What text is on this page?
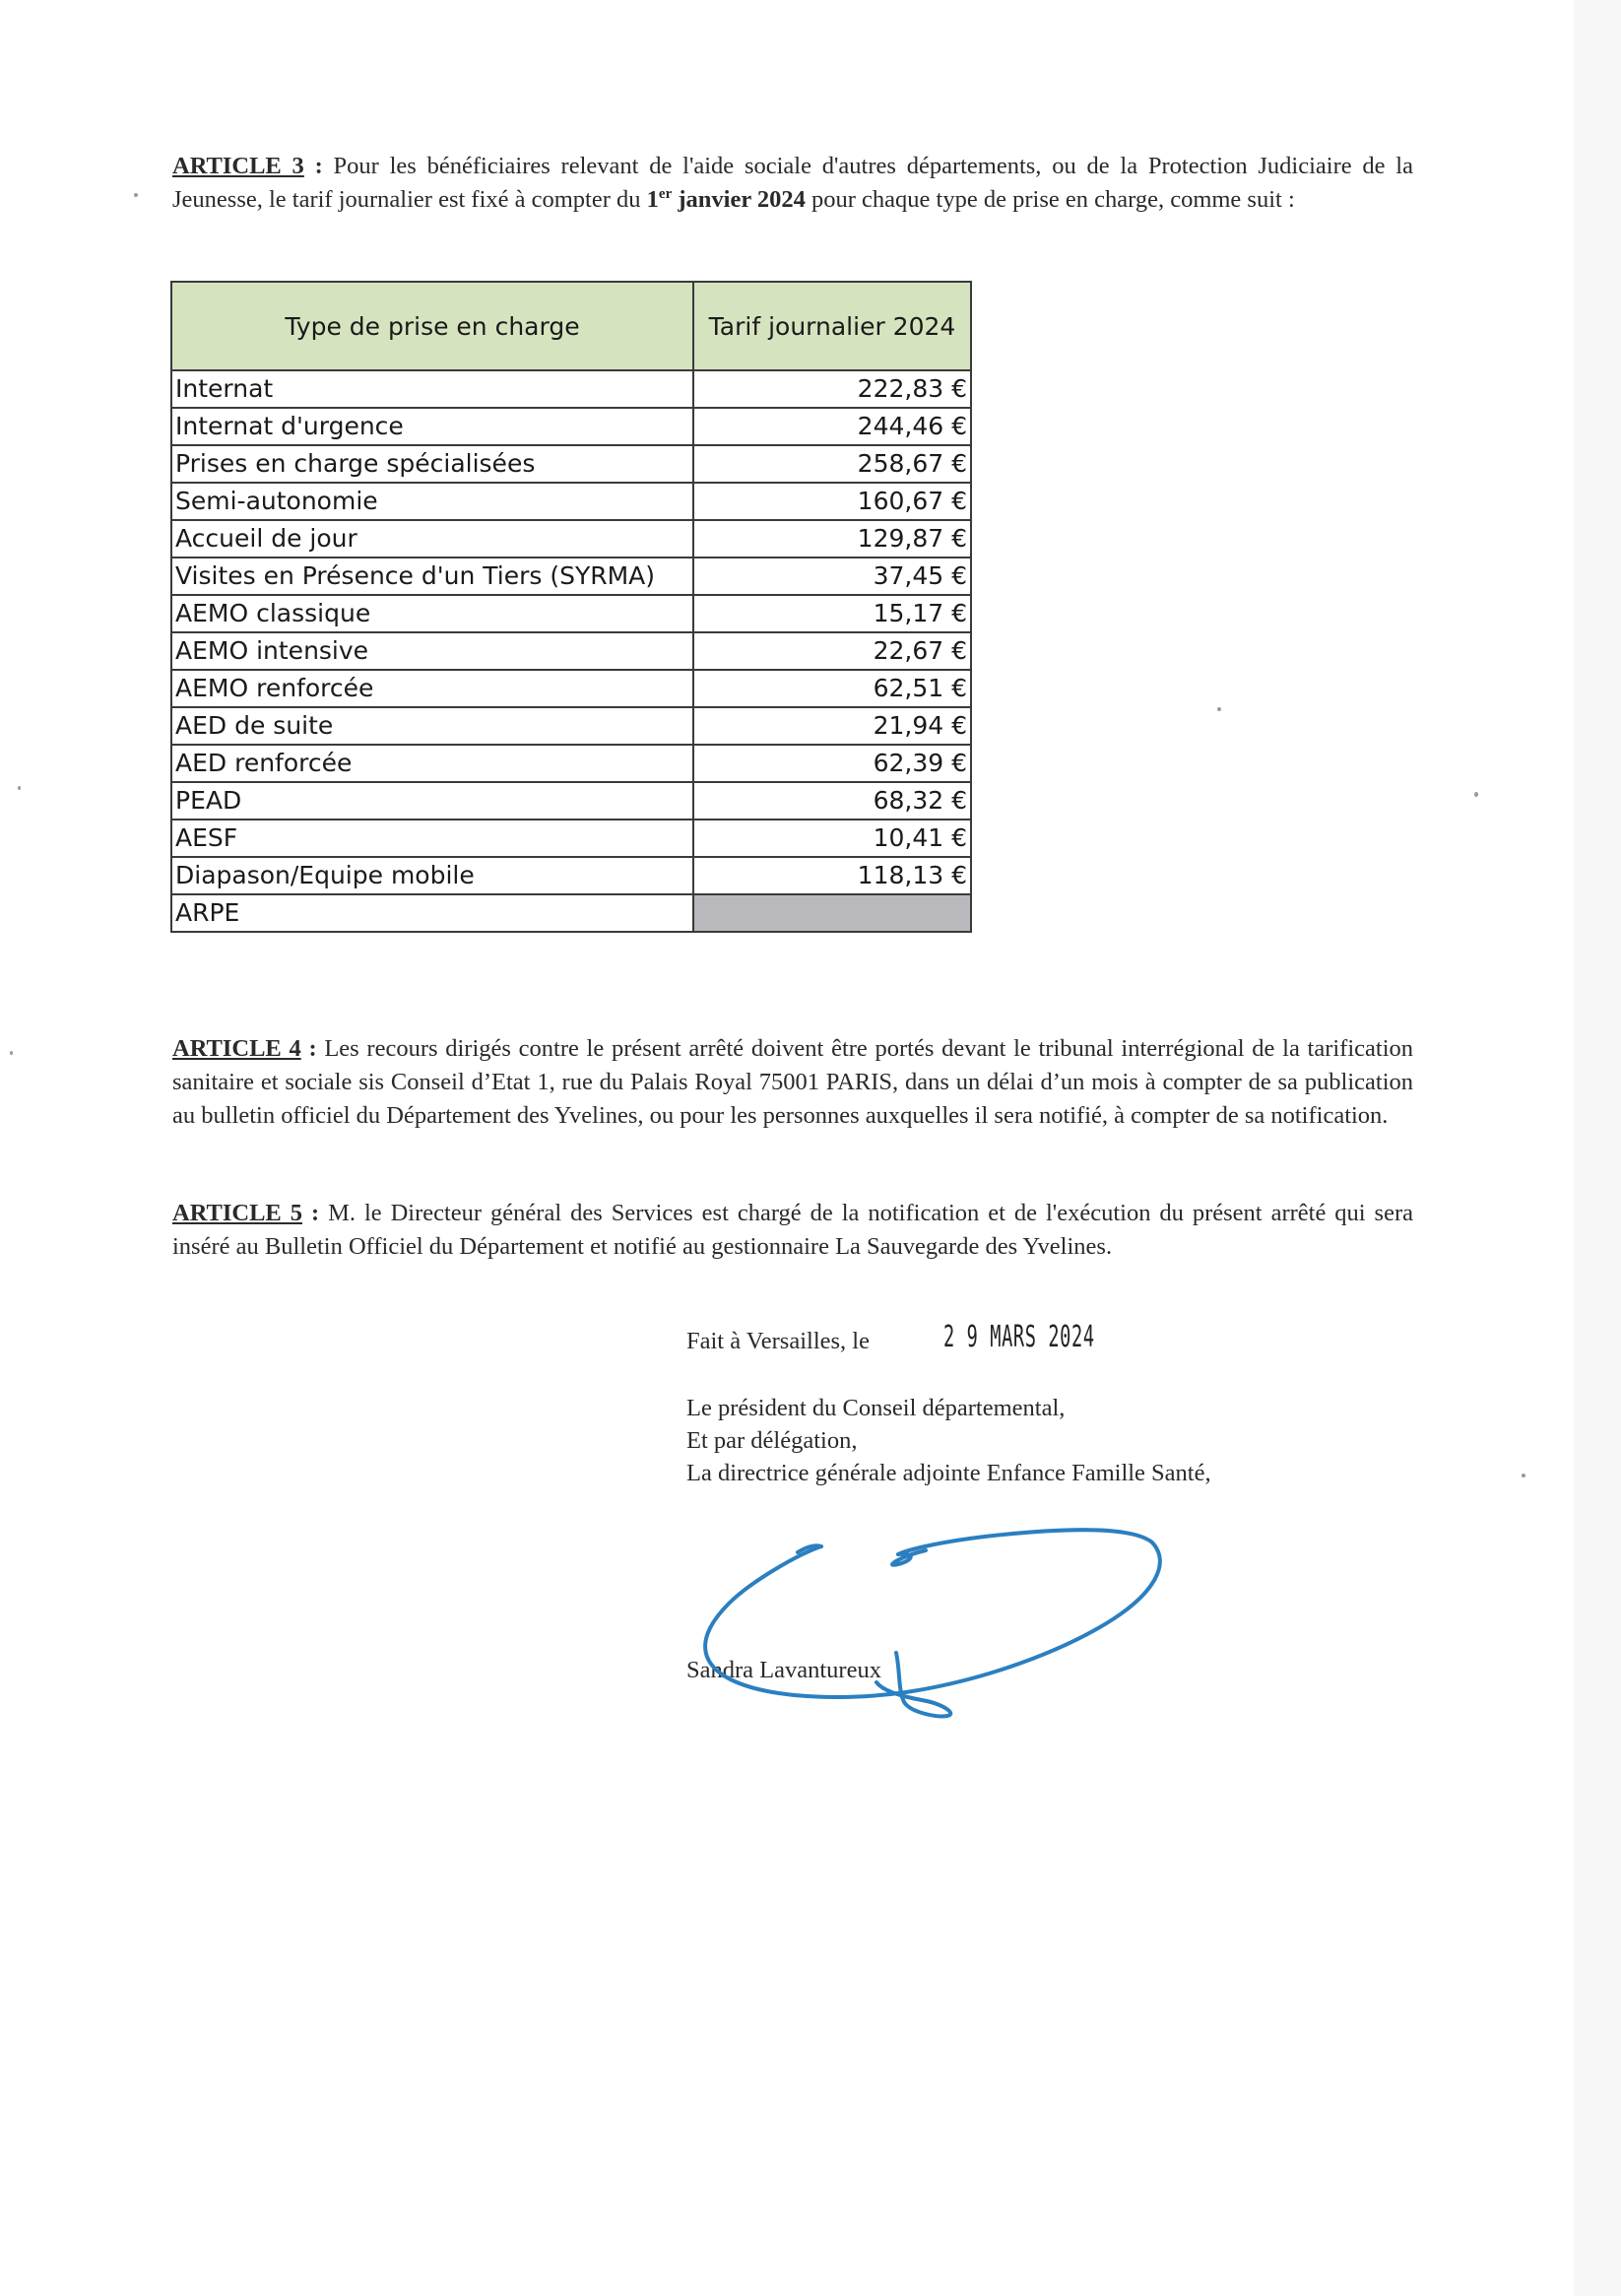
ARTICLE 3 : Pour les bénéficiaires relevant de l'aide sociale d'autres départements, ou de la Protection Judiciaire de la Jeunesse, le tarif journalier est fixé à compter du 1er janvier 2024 pour chaque type de prise en charge, comme suit :

Type de prise en charge	Tarif journalier 2024
Internat	222,83 €
Internat d'urgence	244,46 €
Prises en charge spécialisées	258,67 €
Semi-autonomie	160,67 €
Accueil de jour	129,87 €
Visites en Présence d'un Tiers (SYRMA)	37,45 €
AEMO classique	15,17 €
AEMO intensive	22,67 €
AEMO renforcée	62,51 €
AED de suite	21,94 €
AED renforcée	62,39 €
PEAD	68,32 €
AESF	10,41 €
Diapason/Equipe mobile	118,13 €
ARPE	

ARTICLE 4 : Les recours dirigés contre le présent arrêté doivent être portés devant le tribunal interrégional de la tarification sanitaire et sociale sis Conseil d’Etat 1, rue du Palais Royal 75001 PARIS, dans un délai d’un mois à compter de sa publication au bulletin officiel du Département des Yvelines, ou pour les personnes auxquelles il sera notifié, à compter de sa notification.

ARTICLE 5 : M. le Directeur général des Services est chargé de la notification et de l'exécution du présent arrêté qui sera inséré au Bulletin Officiel du Département et notifié au gestionnaire La Sauvegarde des Yvelines.

Fait à Versailles, le	2 9 MARS 2024
Le président du Conseil départemental,
Et par délégation,
La directrice générale adjointe Enfance Famille Santé,
Sandra Lavantureux
